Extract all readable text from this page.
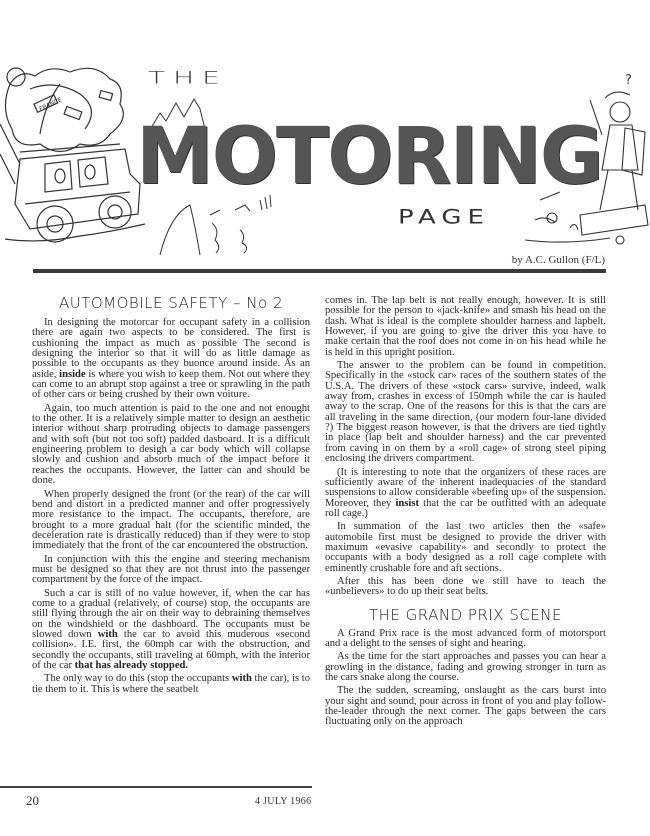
FRANCE
THE
MOTORING
PAGE
?
by A.C. Gullon (F/L)
AUTOMOBILE SAFETY – No 2

In designing the motorcar for occupant safety in a collision there are again two aspects to be considered. The first is cushioning the impact as much as possible The second is designing the interior so that it will do as little damage as possible to the occupants as they buonce around inside. As an aside, inside is where you wish to keep them. Not out where they can come to an abrupt stop against a tree or sprawling in the path of other cars or being crushed by their own voiture.

Again, too much attention is paid to the one and not enought to the other. It is a relatively simple matter to design an aesthetic interior without sharp protruding objects to damage passengers and with soft (but not too soft) padded dasboard. It is a difficult engineering problem to desigh a car body which will collapse slowly and cushion and absorb much of the impact before it reaches the occupants. However, the latter can and should be done.

When properly designed the front (or the rear) of the car will bend and distort in a predicted manner and offer progressively more resistance to the impact. The occupants, therefore, are brought to a more gradual halt (for the scientific minded, the deceleration rate is drastically reduced) than if they were to stop immediately that the front of the car encountered the obstruction.

In conjunction with this the engine and steering mechanism must be designed so that they are not thrust into the passenger compartment by the force of the impact.

Such a car is still of no value however, if, when the car has come to a gradual (relatively, of course) stop, the occupants are still flying through the air on their way to debraining themselves on the windshield or the dashboard. The occupants must be slowed down with the car to avoid this muderous «second collision». I.E. first, the 60mph car with the obstruction, and secondly the occupants, still traveling at 60mph, with the interior of the car that has already stopped.

The only way to do this (stop the occupants with the car), is to tie them to it. This is where the seatbelt

comes in. The lap belt is not really enough, however. It is still possible for the person to «jack-knife» and smash his head on the dash. What is ideal is the complete shoulder harness and lapbelt. However, if you are going to give the driver this you have to make certain that the roof does not come in on his head while he is held in this upright position.

The answer to the problem can be found in competition. Specifically in the «stock car» races of the southern states of the U.S.A. The drivers of these «stock cars» survive, indeed, walk away from, crashes in excess of 150mph while the car is hauled away to the scrap. One of the reasons for this is that the cars are all traveling in the same direction, (our modern four-lane divided ?) The biggest reason however, is that the drivers are tied tightly in place (lap belt and shoulder harness) and the car prevented from caving in on them by a «roll cage» of strong steel piping enclosing the drivers compartment.

(It is interesting to note that the organizers of these races are sufficiently aware of the inherent inadequacies of the standard suspensions to allow considerable «beefing up» of the suspension. Moreover, they insist that the car be outfitted with an adequate roll cage.)

In summation of the last two articles then the «safe» automobile first must be designed to provide the driver with maximum «evasive capability» and secondly to protect the occupants with a body designed as a roll cage complete with eminently crushable fore and aft sections.

After this has been done we still have to teach the «unbelievers» to do up their seat belts.

THE GRAND PRIX SCENE

A Grand Prix race is the most advanced form of motorsport and a delight to the senses of sight and hearing.

As the time for the start approaches and passes you can hear a growling in the distance, fading and growing stronger in turn as the cars snake along the course.

The the sudden, screaming, onslaught as the cars burst into your sight and sound, pour across in front of you and play follow-the-leader through the next corner. The gaps between the cars fluctuating only on the approach

20	4 JULY 1966
